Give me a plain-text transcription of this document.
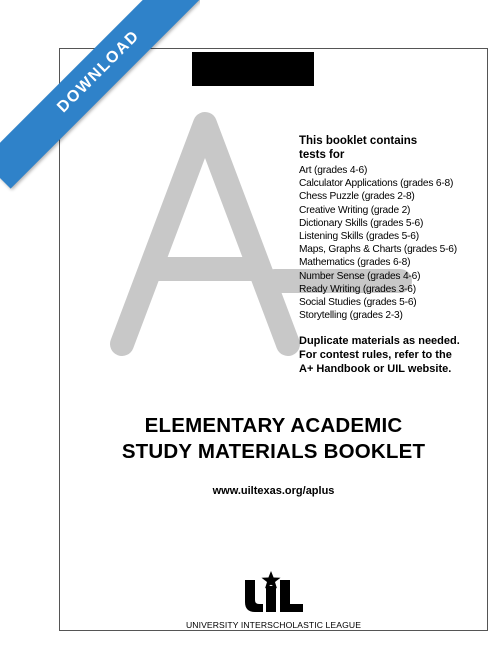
This booklet contains
tests for
Art (grades 4-6)
Calculator Applications (grades 6-8)
Chess Puzzle (grades 2-8)
Creative Writing (grade 2)
Dictionary Skills (grades 5-6)
Listening Skills (grades 5-6)
Maps, Graphs & Charts (grades 5-6)
Mathematics (grades 6-8)
Number Sense (grades 4-6)
Ready Writing (grades 3-6)
Social Studies (grades 5-6)
Storytelling (grades 2-3)
Duplicate materials as needed.
For contest rules, refer to the
A+ Handbook or UIL website.
ELEMENTARY ACADEMIC
STUDY MATERIALS BOOKLET
www.uiltexas.org/aplus
UNIVERSITY INTERSCHOLASTIC LEAGUE
DOWNLOAD
